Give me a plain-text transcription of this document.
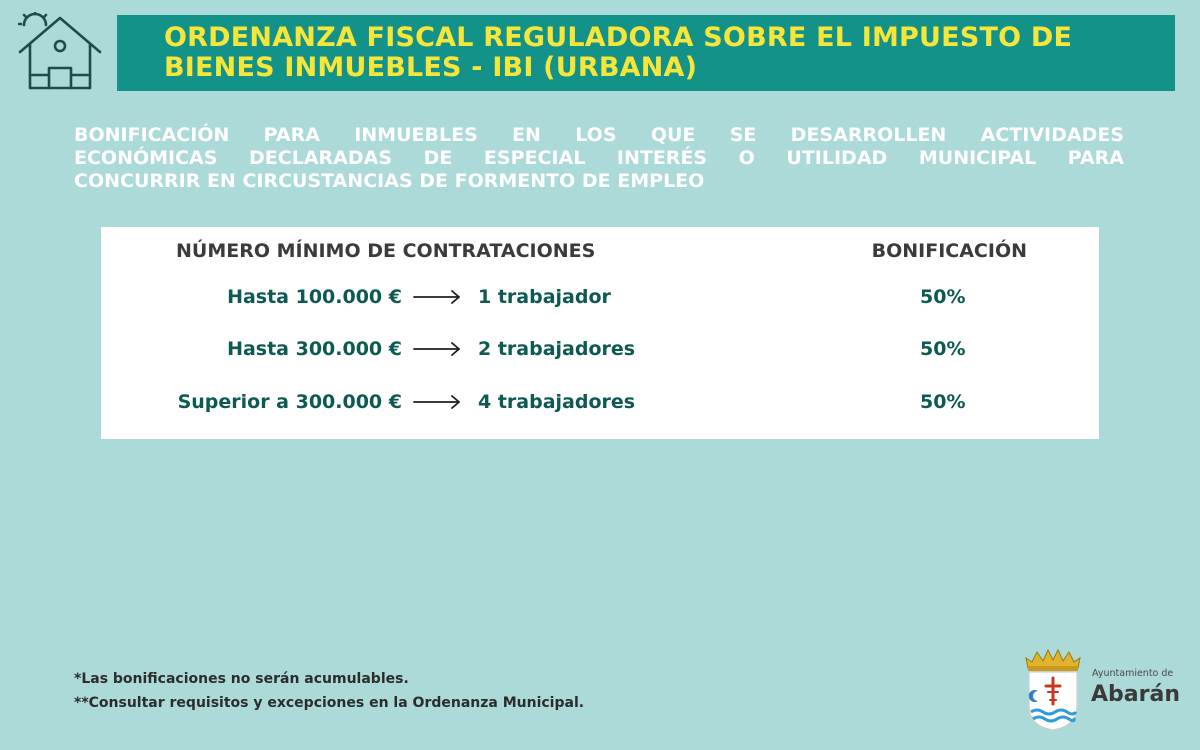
ORDENANZA FISCAL REGULADORA SOBRE EL IMPUESTO DE
BIENES INMUEBLES - IBI (URBANA)
BONIFICACIÓN PARA INMUEBLES EN LOS QUE SE DESARROLLEN ACTIVIDADES
ECONÓMICAS DECLARADAS DE ESPECIAL INTERÉS O UTILIDAD MUNICIPAL PARA
CONCURRIR EN CIRCUSTANCIAS DE FORMENTO DE EMPLEO
NÚMERO MÍNIMO DE CONTRATACIONES	BONIFICACIÓN
Hasta 100.000 €	1 trabajador	50%
Hasta 300.000 €	2 trabajadores	50%
Superior a 300.000 €	4 trabajadores	50%
*Las bonificaciones no serán acumulables.
**Consultar requisitos y excepciones en la Ordenanza Municipal.
Ayuntamiento de
Abarán
